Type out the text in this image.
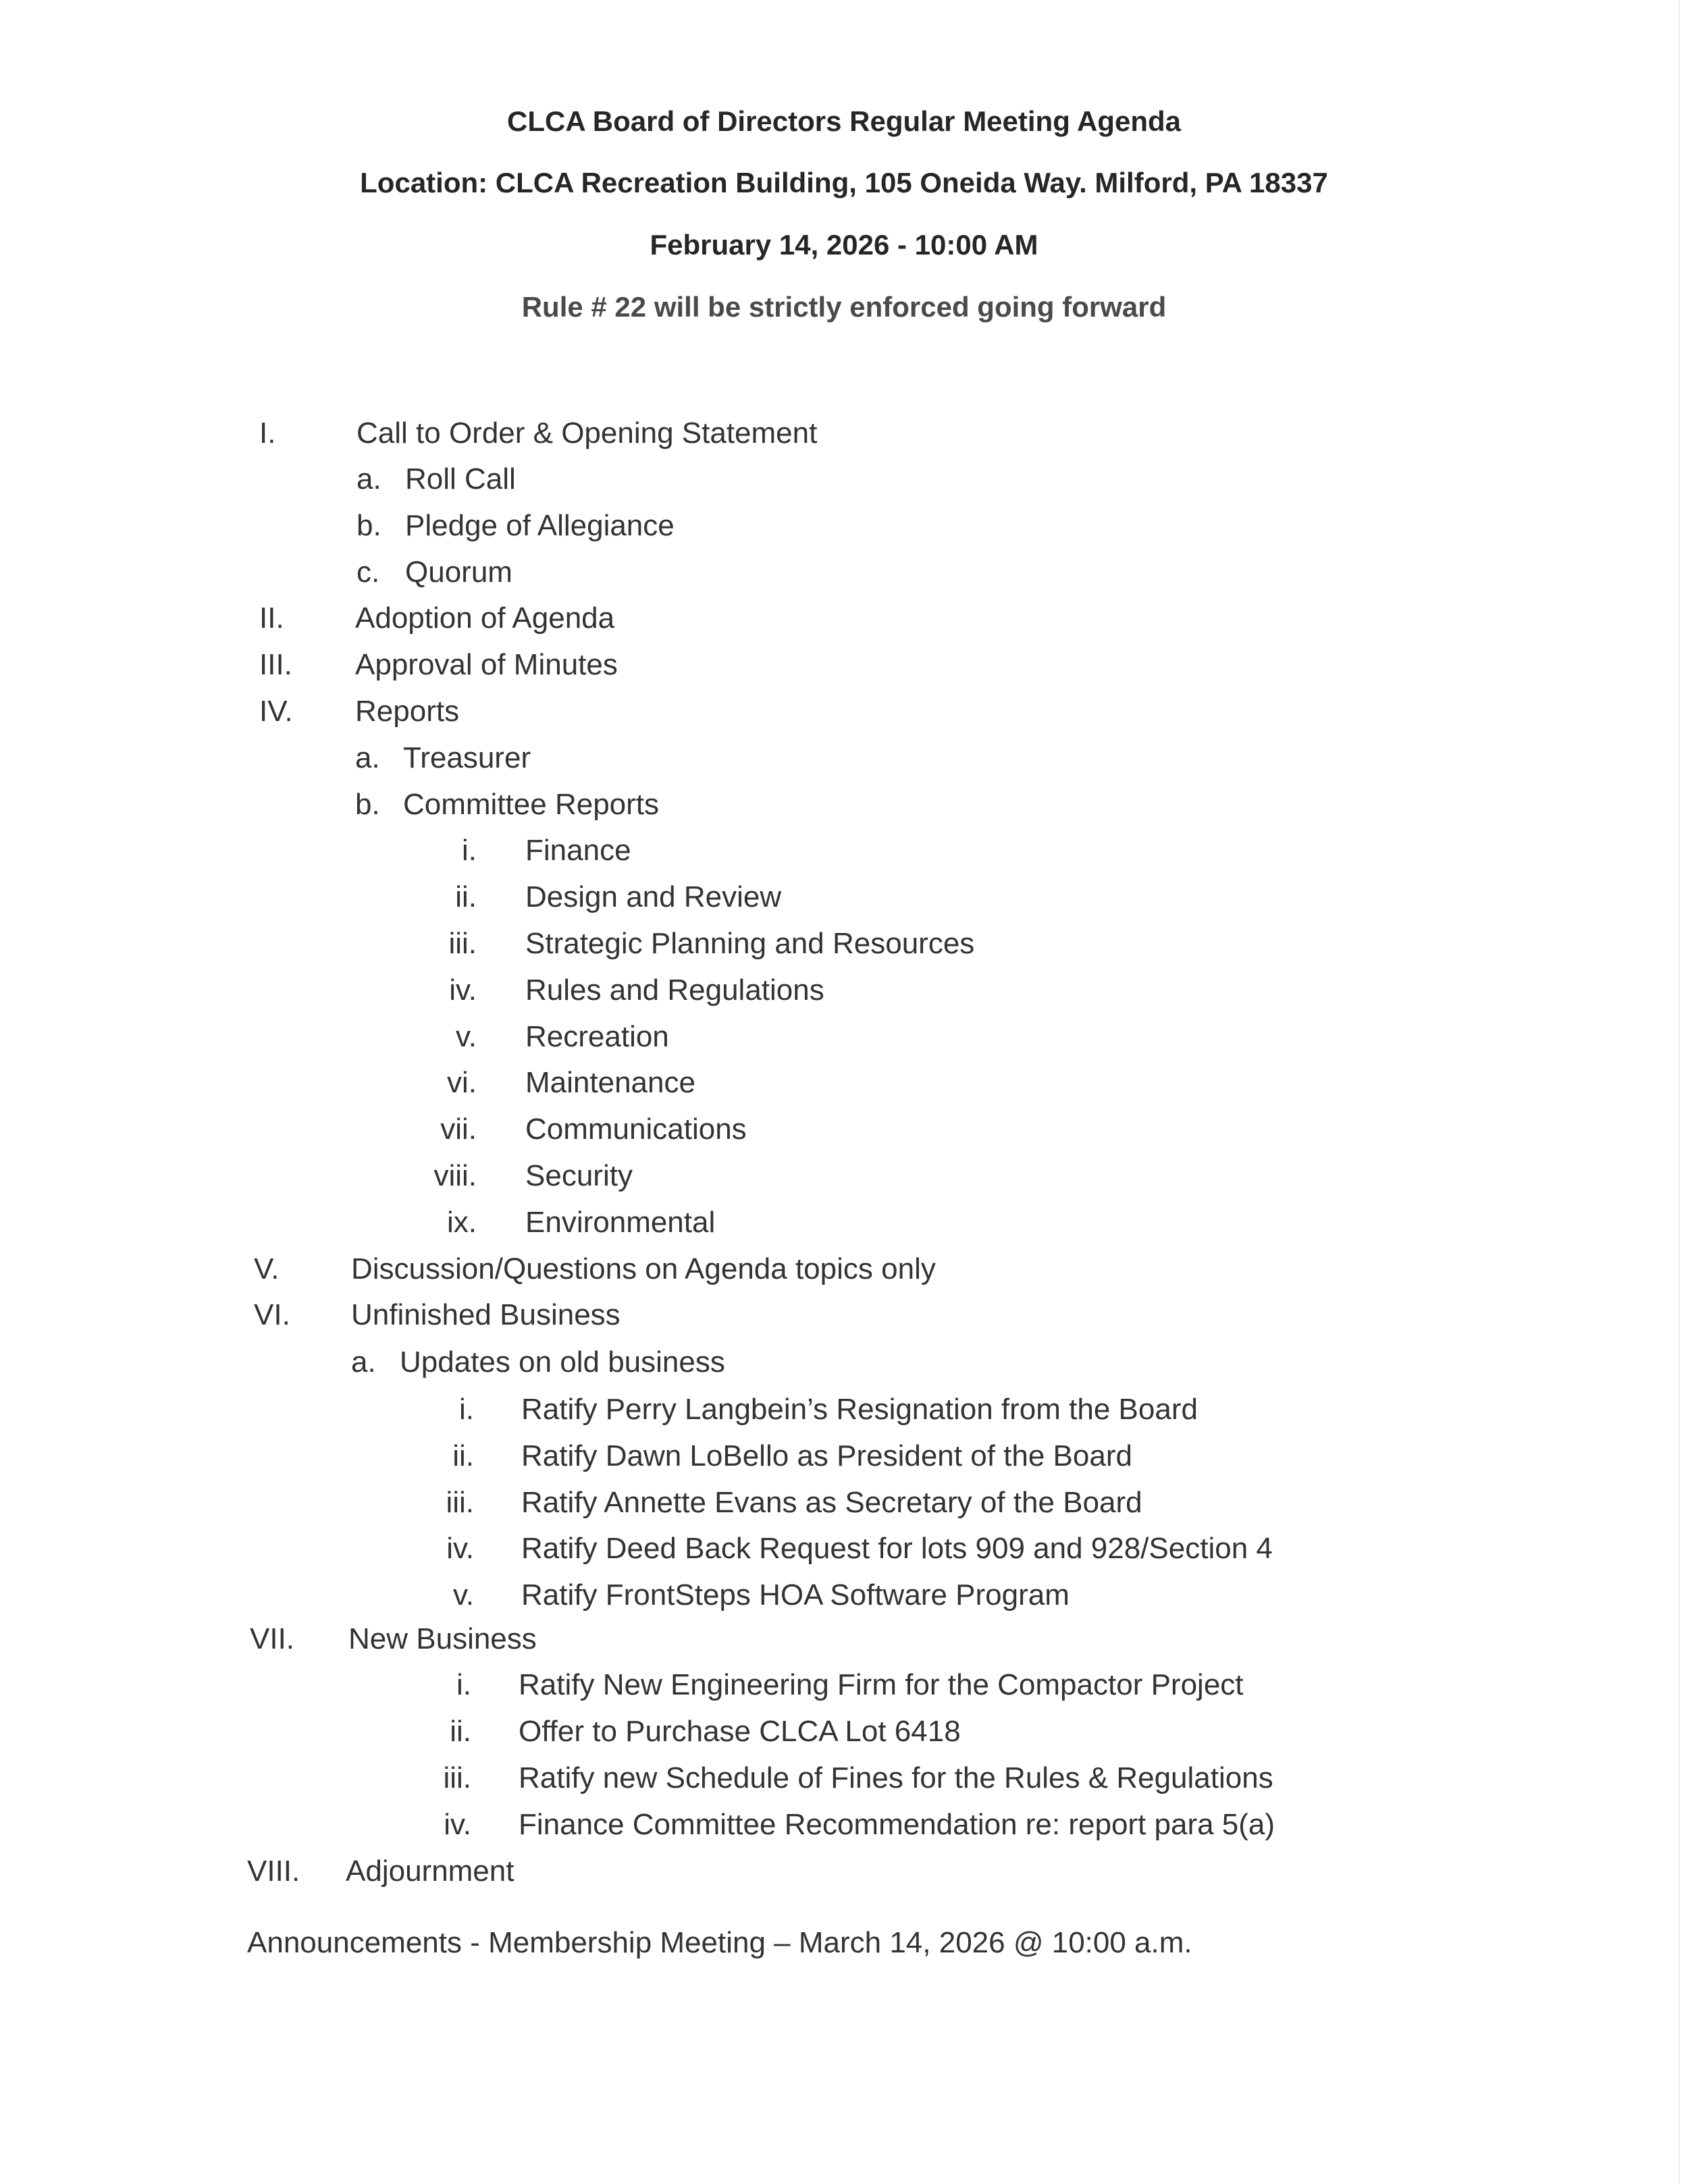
CLCA Board of Directors Regular Meeting Agenda
Location: CLCA Recreation Building, 105 Oneida Way. Milford, PA 18337
February 14, 2026 - 10:00 AM
Rule # 22 will be strictly enforced going forward
I.	Call to Order & Opening Statement
a. Roll Call
b. Pledge of Allegiance
c. Quorum
II. Adoption of Agenda
III. Approval of Minutes
IV. Reports
a. Treasurer
b. Committee Reports
i. Finance
ii. Design and Review
iii. Strategic Planning and Resources
iv. Rules and Regulations
v. Recreation
vi. Maintenance
vii. Communications
viii. Security
ix. Environmental
V. Discussion/Questions on Agenda topics only
VI. Unfinished Business
a. Updates on old business
i. Ratify Perry Langbein’s Resignation from the Board
ii. Ratify Dawn LoBello as President of the Board
iii. Ratify Annette Evans as Secretary of the Board
iv. Ratify Deed Back Request for lots 909 and 928/Section 4
v. Ratify FrontSteps HOA Software Program
VII. New Business
i. Ratify New Engineering Firm for the Compactor Project
ii. Offer to Purchase CLCA Lot 6418
iii. Ratify new Schedule of Fines for the Rules & Regulations
iv. Finance Committee Recommendation re: report para 5(a)
VIII. Adjournment
Announcements - Membership Meeting – March 14, 2026 @ 10:00 a.m.
